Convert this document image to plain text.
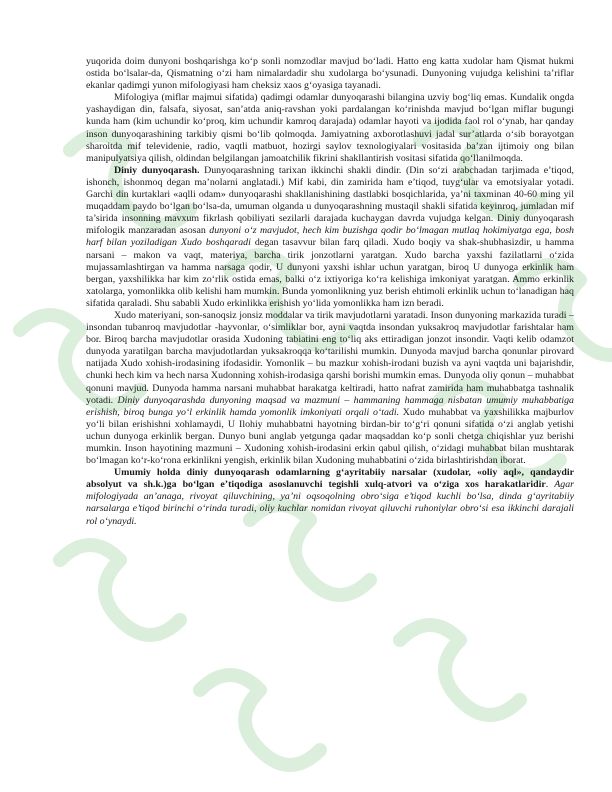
yuqorida doim dunyoni boshqarishga ko‘p sonli nomzodlar mavjud bo‘ladi. Hatto eng katta xudolar ham Qismat hukmi ostida bo‘lsalar-da, Qismatning o‘zi ham nimalardadir shu xudolarga bo‘ysunadi. Dunyoning vujudga kelishini ta’riflar ekanlar qadimgi yunon mifologiyasi ham cheksiz xaos g‘oyasiga tayanadi.

Mifologiya (miflar majmui sifatida) qadimgi odamlar dunyoqarashi bilangina uzviy bog‘liq emas. Kundalik ongda yashaydigan din, falsafa, siyosat, san’atda aniq-ravshan yoki pardalangan ko‘rinishda mavjud bo‘lgan miflar bugungi kunda ham (kim uchundir ko‘proq, kim uchundir kamroq darajada) odamlar hayoti va ijodida faol rol o‘ynab, har qanday inson dunyoqarashining tarkibiy qismi bo‘lib qolmoqda. Jamiyatning axborotlashuvi jadal sur’atlarda o‘sib borayotgan sharoitda mif televidenie, radio, vaqtli matbuot, hozirgi saylov texnologiyalari vositasida ba’zan ijtimoiy ong bilan manipulyatsiya qilish, oldindan belgilangan jamoatchilik fikrini shakllantirish vositasi sifatida qo‘llanilmoqda.

Diniy dunyoqarash. Dunyoqarashning tarixan ikkinchi shakli dindir. (Din so‘zi arabchadan tarjimada e’tiqod, ishonch, ishonmoq degan ma’nolarni anglatadi.) Mif kabi, din zamirida ham e’tiqod, tuyg‘ular va emotsiyalar yotadi. Garchi din kurtaklari «aqlli odam» dunyoqarashi shakllanishining dastlabki bosqichlarida, ya’ni taxminan 40-60 ming yil muqaddam paydo bo‘lgan bo‘lsa-da, umuman olganda u dunyoqarashning mustaqil shakli sifatida keyinroq, jumladan mif ta’sirida insonning mavxum fikrlash qobiliyati sezilarli darajada kuchaygan davrda vujudga kelgan. Diniy dunyoqarash mifologik manzaradan asosan dunyoni o‘z mavjudot, hech kim buzishga qodir bo‘lmagan mutlaq hokimiyatga ega, bosh harf bilan yoziladigan Xudo boshqaradi degan tasavvur bilan farq qiladi. Xudo boqiy va shak-shubhasizdir, u hamma narsani – makon va vaqt, materiya, barcha tirik jonzotlarni yaratgan. Xudo barcha yaxshi fazilatlarni o‘zida mujassamlashtirgan va hamma narsaga qodir, U dunyoni yaxshi ishlar uchun yaratgan, biroq U dunyoga erkinlik ham bergan, yaxshilikka har kim zo‘rlik ostida emas, balki o‘z ixtiyoriga ko‘ra kelishiga imkoniyat yaratgan. Ammo erkinlik xatolarga, yomonlikka olib kelishi ham mumkin. Bunda yomonlikning yuz berish ehtimoli erkinlik uchun to‘lanadigan haq sifatida qaraladi. Shu sababli Xudo erkinlikka erishish yo‘lida yomonlikka ham izn beradi.

Xudo materiyani, son-sanoqsiz jonsiz moddalar va tirik mavjudotlarni yaratadi. Inson dunyoning markazida turadi – insondan tubanroq mavjudotlar -hayvonlar, o‘simliklar bor, ayni vaqtda insondan yuksakroq mavjudotlar farishtalar ham bor. Biroq barcha mavjudotlar orasida Xudoning tabiatini eng to‘liq aks ettiradigan jonzot insondir. Vaqti kelib odamzot dunyoda yaratilgan barcha mavjudotlardan yuksakroqqa ko‘tarilishi mumkin. Dunyoda mavjud barcha qonunlar pirovard natijada Xudo xohish-irodasining ifodasidir. Yomonlik – bu mazkur xohish-irodani buzish va ayni vaqtda uni bajarishdir, chunki hech kim va hech narsa Xudonning xohish-irodasiga qarshi borishi mumkin emas. Dunyoda oliy qonun – muhabbat qonuni mavjud. Dunyoda hamma narsani muhabbat harakatga keltiradi, hatto nafrat zamirida ham muhabbatga tashnalik yotadi. Diniy dunyoqarashda dunyoning maqsad va mazmuni – hammaning hammaga nisbatan umumiy muhabbatiga erishish, biroq bunga yo‘l erkinlik hamda yomonlik imkoniyati orqali o‘tadi. Xudo muhabbat va yaxshilikka majburlov yo‘li bilan erishishni xohlamaydi, U Ilohiy muhabbatni hayotning birdan-bir to‘g‘ri qonuni sifatida o‘zi anglab yetishi uchun dunyoga erkinlik bergan. Dunyo buni anglab yetgunga qadar maqsaddan ko‘p sonli chetga chiqishlar yuz berishi mumkin. Inson hayotining mazmuni – Xudoning xohish-irodasini erkin qabul qilish, o‘zidagi muhabbat bilan mushtarak bo‘lmagan ko‘r-ko‘rona erkinlikni yengish, erkinlik bilan Xudoning muhabbatini o‘zida birlashtirishdan iborat.

Umumiy holda diniy dunyoqarash odamlarning g‘ayritabiiy narsalar (xudolar, «oliy aql», qandaydir absolyut va sh.k.)ga bo‘lgan e’tiqodiga asoslanuvchi tegishli xulq-atvori va o‘ziga xos harakatlaridir. Agar mifologiyada an’anaga, rivoyat qiluvchining, ya’ni oqsoqolning obro‘siga e’tiqod kuchli bo‘lsa, dinda g‘ayritabiiy narsalarga e’tiqod birinchi o‘rinda turadi, oliy kuchlar nomidan rivoyat qiluvchi ruhoniylar obro‘si esa ikkinchi darajali rol o‘ynaydi.
